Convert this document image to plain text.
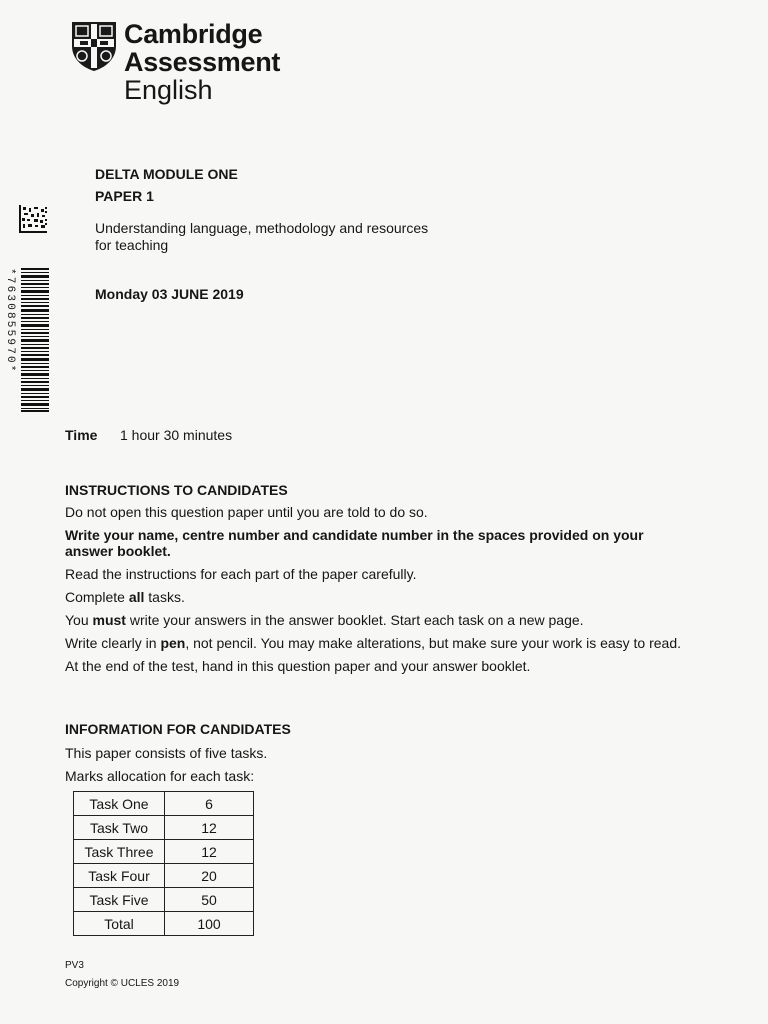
Cambridge Assessment
English
*7630855970*
DELTA MODULE ONE
PAPER 1
Understanding language, methodology and resources
for teaching
Monday 03 JUNE 2019
Time 1 hour 30 minutes
INSTRUCTIONS TO CANDIDATES

Do not open this question paper until you are told to do so.

Write your name, centre number and candidate number in the spaces provided on your answer booklet.

Read the instructions for each part of the paper carefully.

Complete all tasks.

You must write your answers in the answer booklet. Start each task on a new page.

Write clearly in pen, not pencil. You may make alterations, but make sure your work is easy to read.

At the end of the test, hand in this question paper and your answer booklet.

INFORMATION FOR CANDIDATES

This paper consists of five tasks.

Marks allocation for each task:

Task One	6
Task Two	12
Task Three	12
Task Four	20
Task Five	50
Total	100
PV3
Copyright © UCLES 2019
